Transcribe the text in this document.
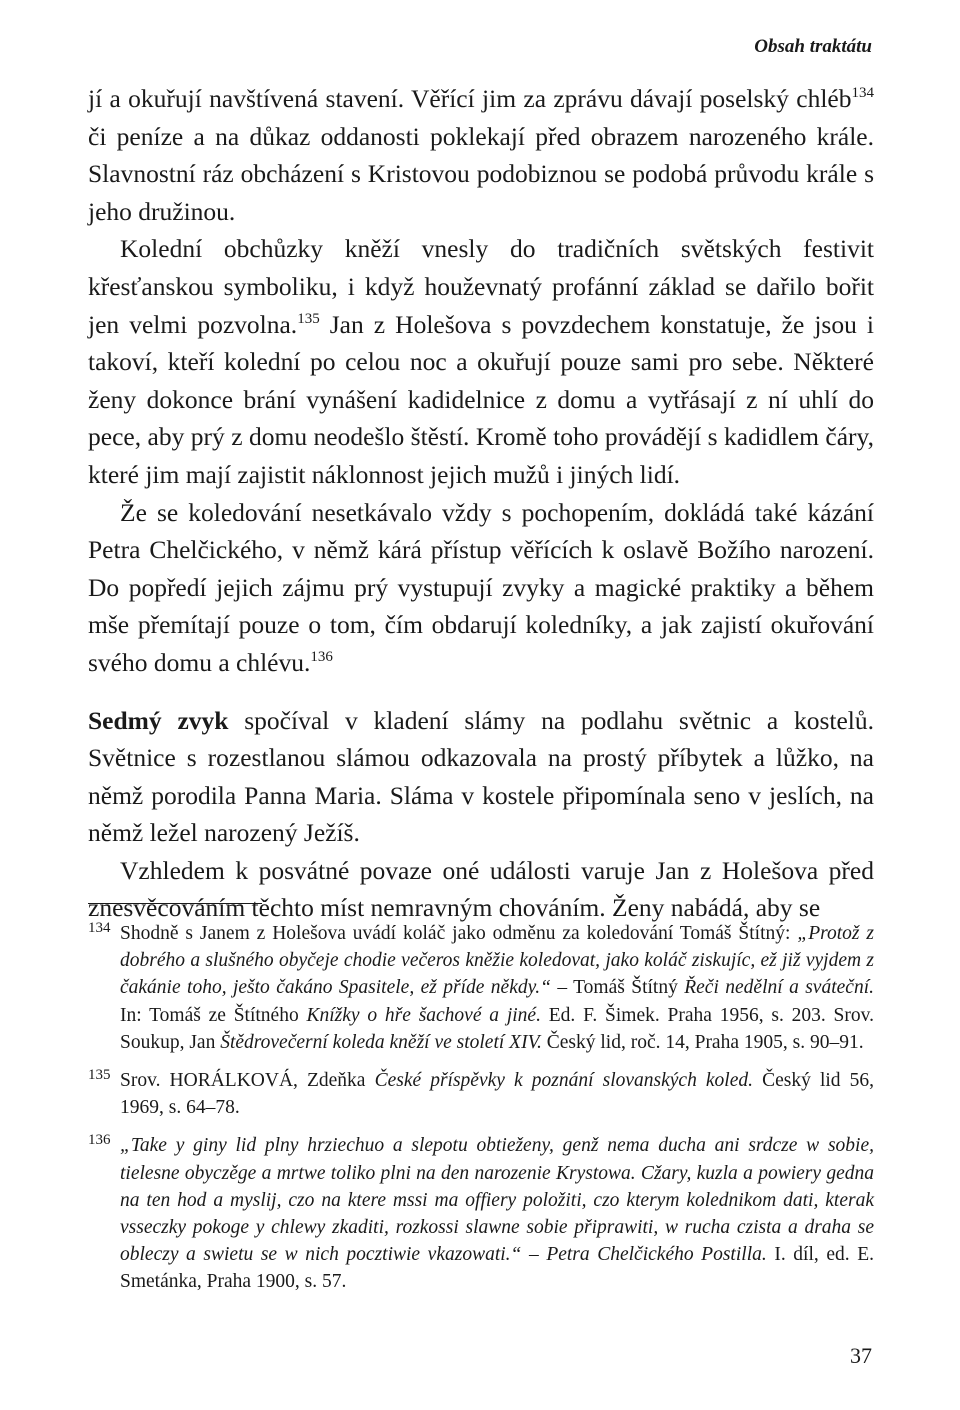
Obsah traktátu

jí a okuřují navštívená stavení. Věřící jim za zprávu dávají poselský chléb$^{134}$ či peníze a na důkaz oddanosti poklekají před obrazem narozeného krále. Slavnostní ráz obcházení s Kristovou podobiznou se podobá průvodu krále s jeho družinou.

Kolední obchůzky kněží vnesly do tradičních světských festivit křesťanskou symboliku, i když houževnatý profánní základ se dařilo bořit jen velmi pozvolna.$^{135}$ Jan z Holešova s povzdechem konstatuje, že jsou i takoví, kteří kolední po celou noc a okuřují pouze sami pro sebe. Některé ženy dokonce brání vynášení kadidelnice z domu a vytřásají z ní uhlí do pece, aby prý z domu neodešlo štěstí. Kromě toho provádějí s kadidlem čáry, které jim mají zajistit náklonnost jejich mužů i jiných lidí.

Že se koledování nesetkávalo vždy s pochopením, dokládá také kázání Petra Chelčického, v němž kárá přístup věřících k oslavě Božího narození. Do popředí jejich zájmu prý vystupují zvyky a magické praktiky a během mše přemítají pouze o tom, čím obdarují koledníky, a jak zajistí okuřování svého domu a chlévu.$^{136}$

Sedmý zvyk spočíval v kladení slámy na podlahu světnic a kostelů. Světnice s rozestlanou slámou odkazovala na prostý příbytek a lůžko, na němž porodila Panna Maria. Sláma v kostele připomínala seno v jeslích, na němž ležel narozený Ježíš.

Vzhledem k posvátné povaze oné události varuje Jan z Holešova před znesvěcováním těchto míst nemravným chováním. Ženy nabádá, aby se

134 Shodně s Janem z Holešova uvádí koláč jako odměnu za koledování Tomáš Štítný: „Protož z dobrého a slušného obyčeje chodie večeros kněžie koledovat, jako koláč ziskujíc, ež již vyjdem z čakánie toho, ješto čakáno Spasitele, ež příde někdy.“ – Tomáš Štítný Řeči nedělní a sváteční. In: Tomáš ze Štítného Knížky o hře šachové a jiné. Ed. F. Šimek. Praha 1956, s. 203. Srov. Soukup, Jan Štědrovečerní koleda kněží ve století XIV. Český lid, roč. 14, Praha 1905, s. 90–91.

135 Srov. HORÁLKOVÁ, Zdeňka České příspěvky k poznání slovanských koled. Český lid 56, 1969, s. 64–78.

136 „Take y giny lid plny hrziechuo a slepotu obtieženy, genž nema ducha ani srdcze w sobie, tielesne obyczěge a mrtwe toliko plni na den narozenie Krystowa. Cžary, kuzla a powiery gedna na ten hod a myslij, czo na ktere mssi ma offiery položiti, czo kterym kolednikom dati, kterak vsseczky pokoge y chlewy zkaditi, rozkossi slawne sobie připrawiti, w rucha czista a draha se obleczy a swietu se w nich pocztiwie vkazowati.“ – Petra Chelčického Postilla. I. díl, ed. E. Smetánka, Praha 1900, s. 57.

37
